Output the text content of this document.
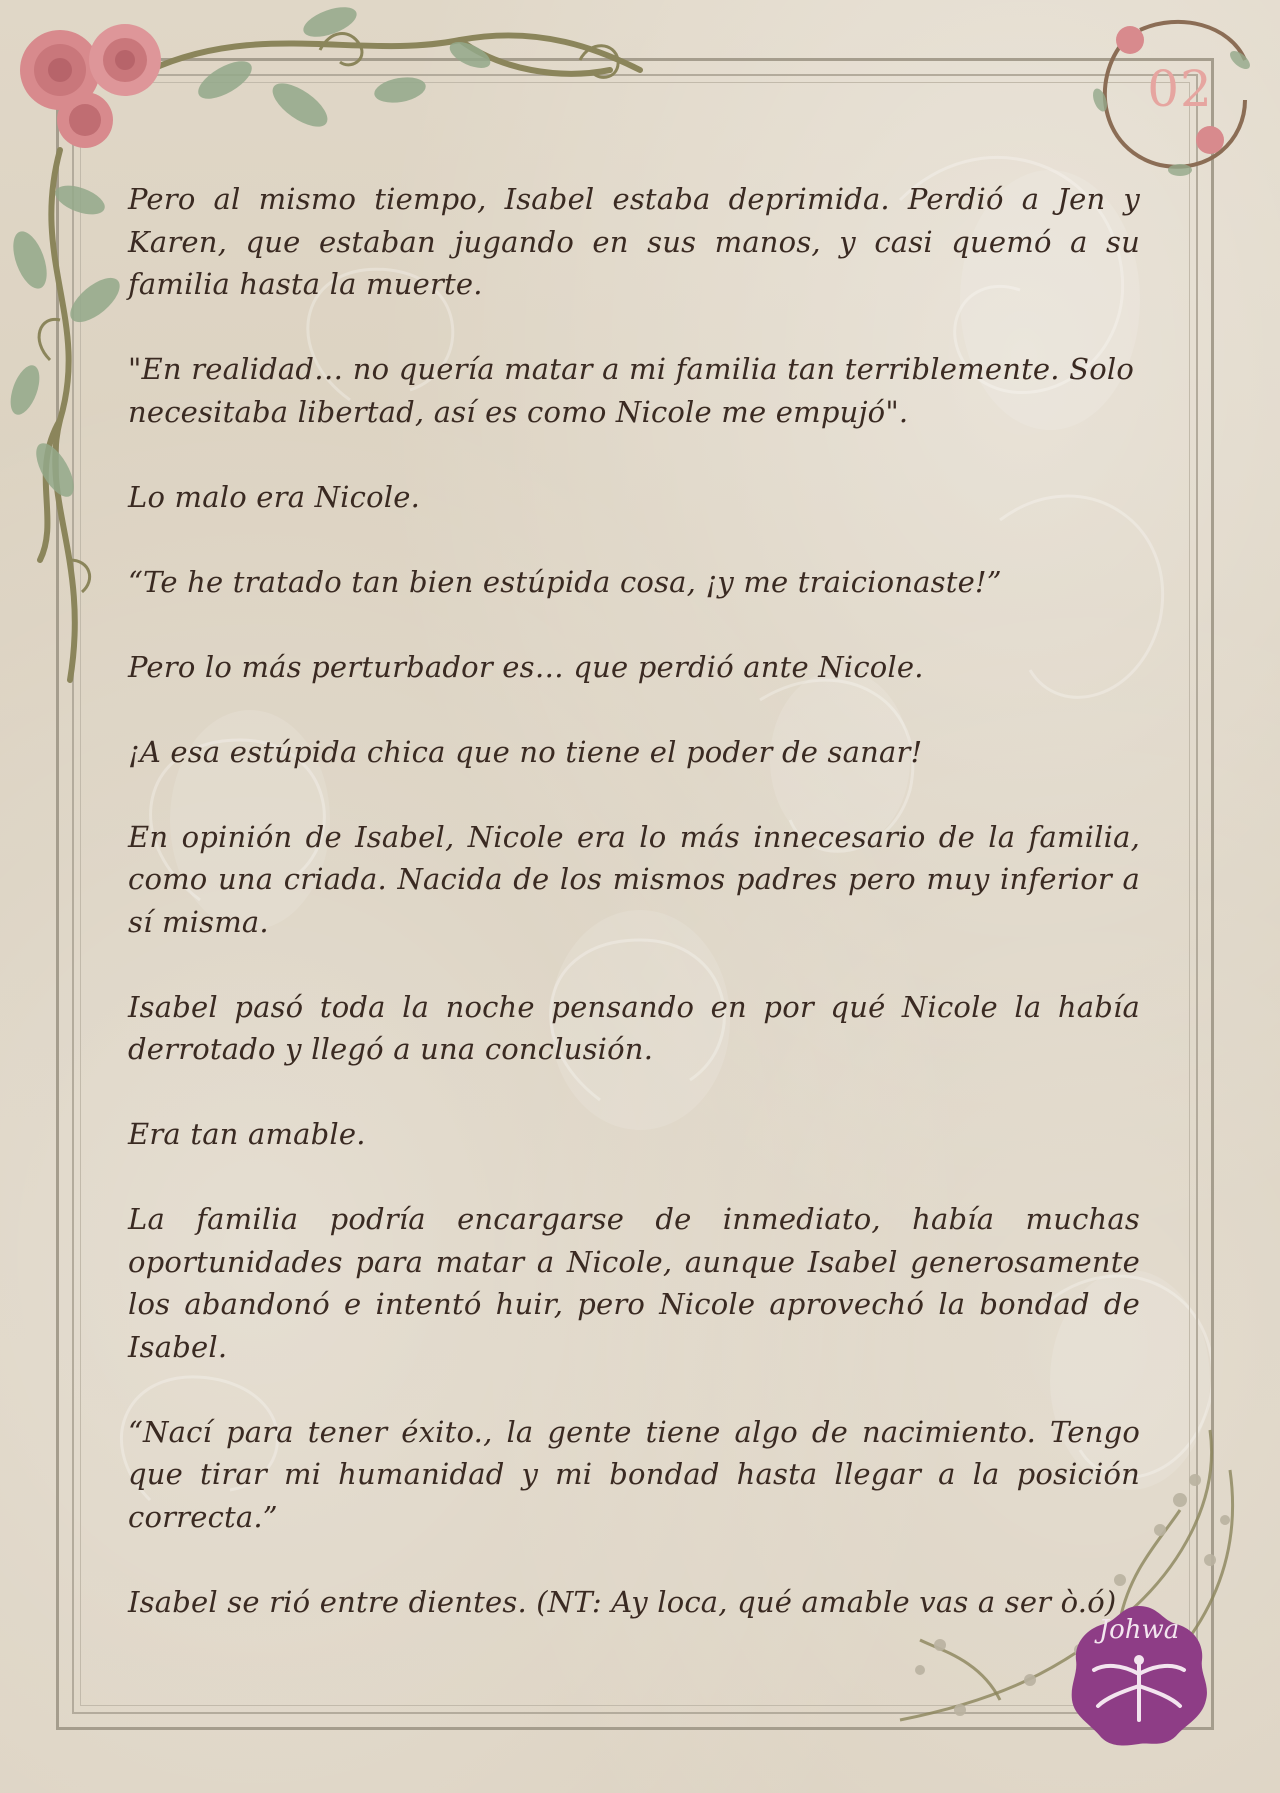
02
Johwa

Pero al mismo tiempo, Isabel estaba deprimida. Perdió a Jen y Karen, que estaban jugando en sus manos, y casi quemó a su familia hasta la muerte.

"En realidad… no quería matar a mi familia tan terriblemente. Solo necesitaba libertad, así es como Nicole me empujó".

Lo malo era Nicole.

“Te he tratado tan bien estúpida cosa, ¡y me traicionaste!”

Pero lo más perturbador es… que perdió ante Nicole.

¡A esa estúpida chica que no tiene el poder de sanar!

En opinión de Isabel, Nicole era lo más innecesario de la familia, como una criada. Nacida de los mismos padres pero muy inferior a sí misma.

Isabel pasó toda la noche pensando en por qué Nicole la había derrotado y llegó a una conclusión.

Era tan amable.

La familia podría encargarse de inmediato, había muchas oportunidades para matar a Nicole, aunque Isabel generosamente los abandonó e intentó huir, pero Nicole aprovechó la bondad de Isabel.

“Nací para tener éxito., la gente tiene algo de nacimiento. Tengo que tirar mi humanidad y mi bondad hasta llegar a la posición correcta.”

Isabel se rió entre dientes. (NT: Ay loca, qué amable vas a ser ò.ó)
